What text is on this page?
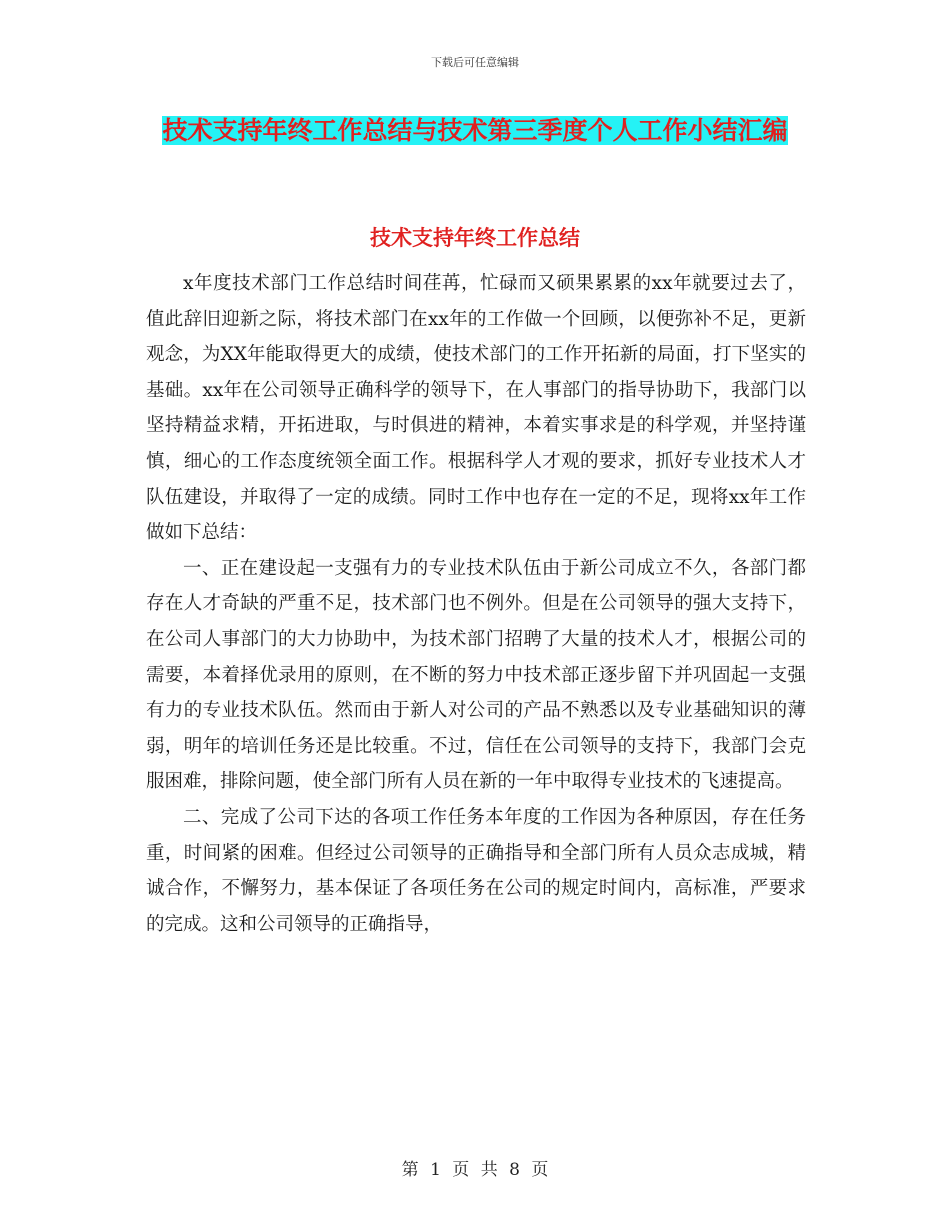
下载后可任意编辑
技术支持年终工作总结与技术第三季度个人工作小结汇编
技术支持年终工作总结

x年度技术部门工作总结时间荏苒，忙碌而又硕果累累的xx年就要过去了，值此辞旧迎新之际，将技术部门在xx年的工作做一个回顾，以便弥补不足，更新观念，为XX年能取得更大的成绩，使技术部门的工作开拓新的局面，打下坚实的基础。xx年在公司领导正确科学的领导下，在人事部门的指导协助下，我部门以坚持精益求精，开拓进取，与时俱进的精神，本着实事求是的科学观，并坚持谨慎，细心的工作态度统领全面工作。根据科学人才观的要求，抓好专业技术人才队伍建设，并取得了一定的成绩。同时工作中也存在一定的不足，现将xx年工作做如下总结：

一、正在建设起一支强有力的专业技术队伍由于新公司成立不久，各部门都存在人才奇缺的严重不足，技术部门也不例外。但是在公司领导的强大支持下，在公司人事部门的大力协助中，为技术部门招聘了大量的技术人才，根据公司的需要，本着择优录用的原则，在不断的努力中技术部正逐步留下并巩固起一支强有力的专业技术队伍。然而由于新人对公司的产品不熟悉以及专业基础知识的薄弱，明年的培训任务还是比较重。不过，信任在公司领导的支持下，我部门会克服困难，排除问题，使全部门所有人员在新的一年中取得专业技术的飞速提高。

二、完成了公司下达的各项工作任务本年度的工作因为各种原因，存在任务重，时间紧的困难。但经过公司领导的正确指导和全部门所有人员众志成城，精诚合作，不懈努力，基本保证了各项任务在公司的规定时间内，高标准，严要求的完成。这和公司领导的正确指导，

第 1 页 共 8 页
